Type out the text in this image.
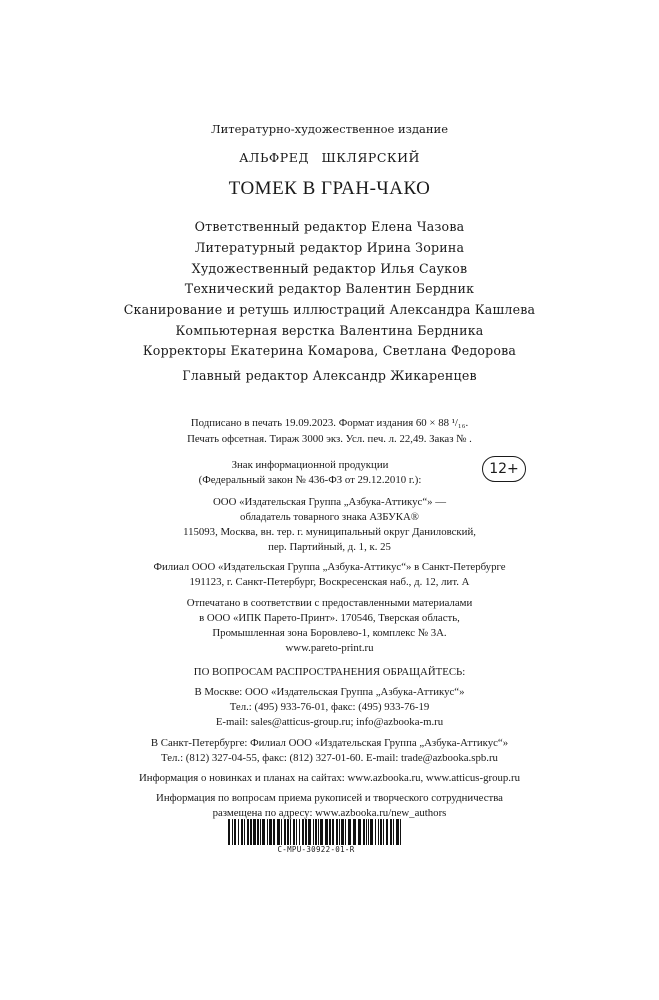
Литературно-художественное издание
АЛЬФРЕД ШКЛЯРСКИЙ
ТОМЕК В ГРАН-ЧАКО
Ответственный редактор Елена Чазова
Литературный редактор Ирина Зорина
Художественный редактор Илья Сауков
Технический редактор Валентин Бердник
Сканирование и ретушь иллюстраций Александра Кашлева
Компьютерная верстка Валентина Бердника
Корректоры Екатерина Комарова, Светлана Федорова
Главный редактор Александр Жикаренцев
Подписано в печать 19.09.2023. Формат издания 60 × 88 ¹/₁₆.
Печать офсетная. Тираж 3000 экз. Усл. печ. л. 22,49. Заказ № .
Знак информационной продукции
(Федеральный закон № 436-ФЗ от 29.12.2010 г.):
12+
ООО «Издательская Группа „Азбука-Аттикус“» —
обладатель товарного знака АЗБУКА®
115093, Москва, вн. тер. г. муниципальный округ Даниловский,
пер. Партийный, д. 1, к. 25
Филиал ООО «Издательская Группа „Азбука-Аттикус“» в Санкт-Петербурге
191123, г. Санкт-Петербург, Воскресенская наб., д. 12, лит. А
Отпечатано в соответствии с предоставленными материалами
в ООО «ИПК Парето-Принт». 170546, Тверская область,
Промышленная зона Боровлево-1, комплекс № 3А.
www.pareto-print.ru
ПО ВОПРОСАМ РАСПРОСТРАНЕНИЯ ОБРАЩАЙТЕСЬ:
В Москве: ООО «Издательская Группа „Азбука-Аттикус“»
Тел.: (495) 933-76-01, факс: (495) 933-76-19
E-mail: sales@atticus-group.ru; info@azbooka-m.ru
В Санкт-Петербурге: Филиал ООО «Издательская Группа „Азбука-Аттикус“»
Тел.: (812) 327-04-55, факс: (812) 327-01-60. E-mail: trade@azbooka.spb.ru
Информация о новинках и планах на сайтах: www.azbooka.ru, www.atticus-group.ru
Информация по вопросам приема рукописей и творческого сотрудничества
размещена по адресу: www.azbooka.ru/new_authors
С-MPU-30922-01-R
